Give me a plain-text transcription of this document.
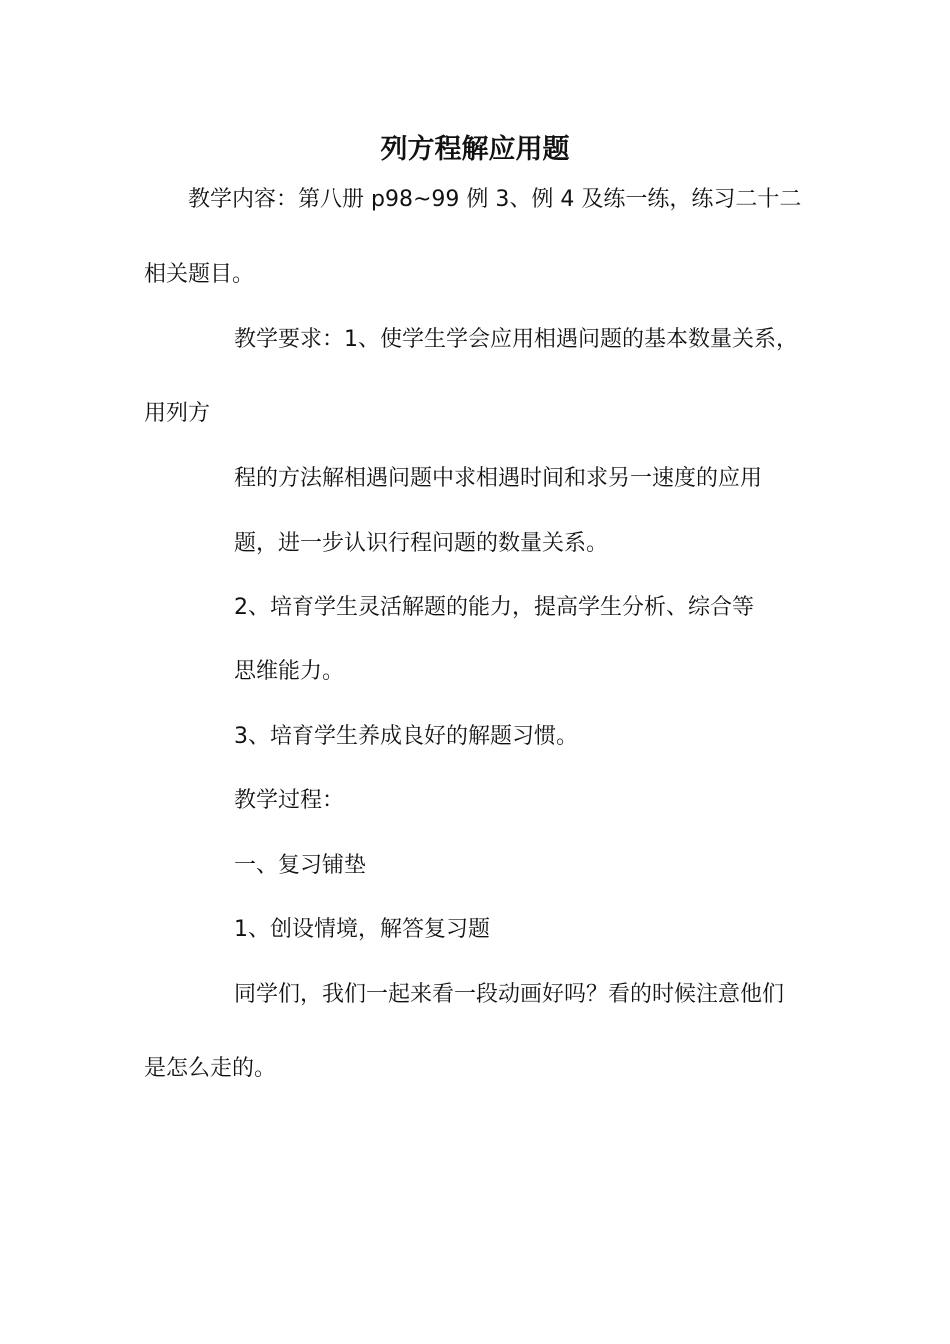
列方程解应用题

教学内容：第八册 p98~99 例 3、例 4 及练一练，练习二十二

相关题目。

教学要求：1、使学生学会应用相遇问题的基本数量关系，

用列方

程的方法解相遇问题中求相遇时间和求另一速度的应用

题，进一步认识行程问题的数量关系。

2、培育学生灵活解题的能力，提高学生分析、综合等

思维能力。

3、培育学生养成良好的解题习惯。

教学过程：

一、复习铺垫

1、创设情境，解答复习题

同学们，我们一起来看一段动画好吗？看的时候注意他们

是怎么走的。
